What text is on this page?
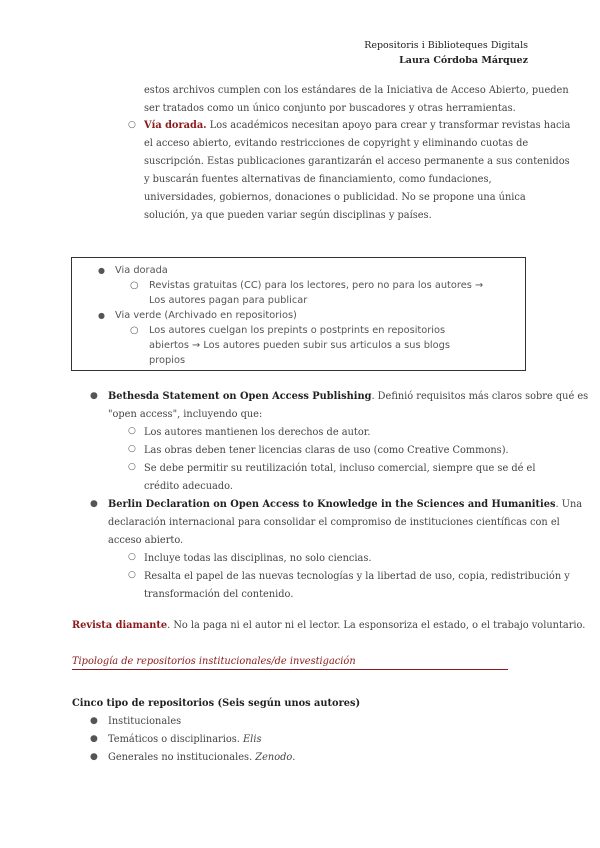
Repositoris i Biblioteques Digitals
Laura Córdoba Márquez
estos archivos cumplen con los estándares de la Iniciativa de Acceso Abierto, pueden
ser tratados como un único conjunto por buscadores y otras herramientas.
○ Vía dorada. Los académicos necesitan apoyo para crear y transformar revistas hacia
el acceso abierto, evitando restricciones de copyright y eliminando cuotas de
suscripción. Estas publicaciones garantizarán el acceso permanente a sus contenidos
y buscarán fuentes alternativas de financiamiento, como fundaciones,
universidades, gobiernos, donaciones o publicidad. No se propone una única
solución, ya que pueden variar según disciplinas y países.
● Via dorada
○ Revistas gratuitas (CC) para los lectores, pero no para los autores →
Los autores pagan para publicar
● Via verde (Archivado en repositorios)
○ Los autores cuelgan los prepints o postprints en repositorios
abiertos → Los autores pueden subir sus articulos a sus blogs
propios
● Bethesda Statement on Open Access Publishing. Definió requisitos más claros sobre qué es
"open access", incluyendo que:
○ Los autores mantienen los derechos de autor.
○ Las obras deben tener licencias claras de uso (como Creative Commons).
○ Se debe permitir su reutilización total, incluso comercial, siempre que se dé el
crédito adecuado.
● Berlin Declaration on Open Access to Knowledge in the Sciences and Humanities. Una
declaración internacional para consolidar el compromiso de instituciones científicas con el
acceso abierto.
○ Incluye todas las disciplinas, no solo ciencias.
○ Resalta el papel de las nuevas tecnologías y la libertad de uso, copia, redistribución y
transformación del contenido.
Revista diamante. No la paga ni el autor ni el lector. La esponsoriza el estado, o el trabajo voluntario.
Tipología de repositorios institucionales/de investigación
Cinco tipo de repositorios (Seis según unos autores)
● Institucionales
● Temáticos o disciplinarios. Elis
● Generales no institucionales. Zenodo.
